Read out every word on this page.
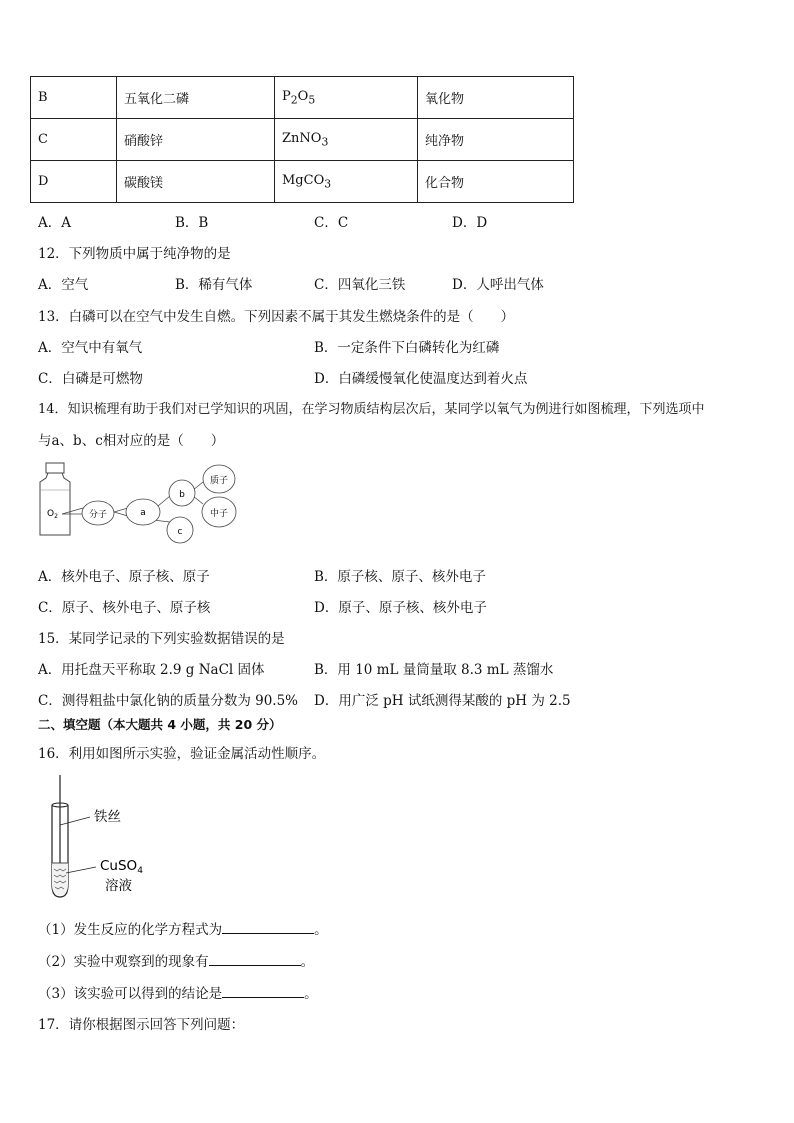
B	五氧化二磷	$P_2O_5$	氧化物
C	硝酸锌	ZnNO$_3$	纯净物
D	碳酸镁	MgCO$_3$	化合物
A．A	B．B	C．C	D．D
12．下列物质中属于纯净物的是
A．空气	B．稀有气体	C．四氧化三铁	D．人呼出气体
13．白磷可以在空气中发生自燃。下列因素不属于其发生燃烧条件的是（　　）
A．空气中有氧气	B．一定条件下白磷转化为红磷
C．白磷是可燃物	D．白磷缓慢氧化使温度达到着火点
14．知识梳理有助于我们对已学知识的巩固，在学习物质结构层次后，某同学以氧气为例进行如图梳理，下列选项中
与a、b、c相对应的是（　　）
$O_2$	分子	a
b
c
质子
中子
A．核外电子、原子核、原子	B．原子核、原子、核外电子
C．原子、核外电子、原子核	D．原子、原子核、核外电子
15．某同学记录的下列实验数据错误的是
A．用托盘天平称取 2.9 g NaCl 固体	B．用 10 mL 量筒量取 8.3 mL 蒸馏水
C．测得粗盐中氯化钠的质量分数为 90.5% D．用广泛 pH 试纸测得某酸的 pH 为 2.5
二、填空题（本大题共 4 小题，共 20 分）
16．利用如图所示实验，验证金属活动性顺序。
铁丝
CuSO$_4$
溶液
（1）发生反应的化学方程式为	。
（2）实验中观察到的现象有	。
（3）该实验可以得到的结论是	。
17．请你根据图示回答下列问题：
